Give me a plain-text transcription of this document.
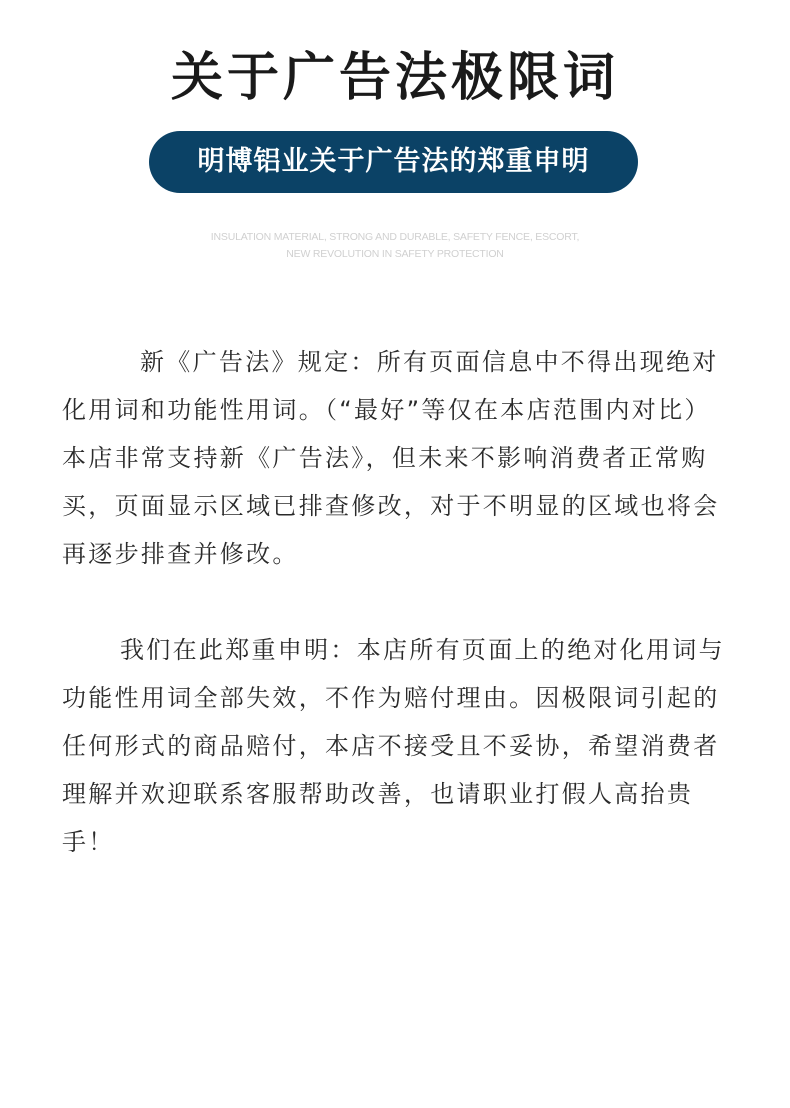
关于广告法极限词
明博铝业关于广告法的郑重申明
INSULATION MATERIAL, STRONG AND DURABLE, SAFETY FENCE, ESCORT,
NEW REVOLUTION IN SAFETY PROTECTION

新《广告法》规定：所有页面信息中不得出现绝对化用词和功能性用词。（“最好”等仅在本店范围内对比）本店非常支持新《广告法》，但未来不影响消费者正常购买，页面显示区域已排查修改，对于不明显的区域也将会再逐步排查并修改。

我们在此郑重申明：本店所有页面上的绝对化用词与功能性用词全部失效，不作为赔付理由。因极限词引起的任何形式的商品赔付，本店不接受且不妥协，希望消费者理解并欢迎联系客服帮助改善，也请职业打假人高抬贵手！
